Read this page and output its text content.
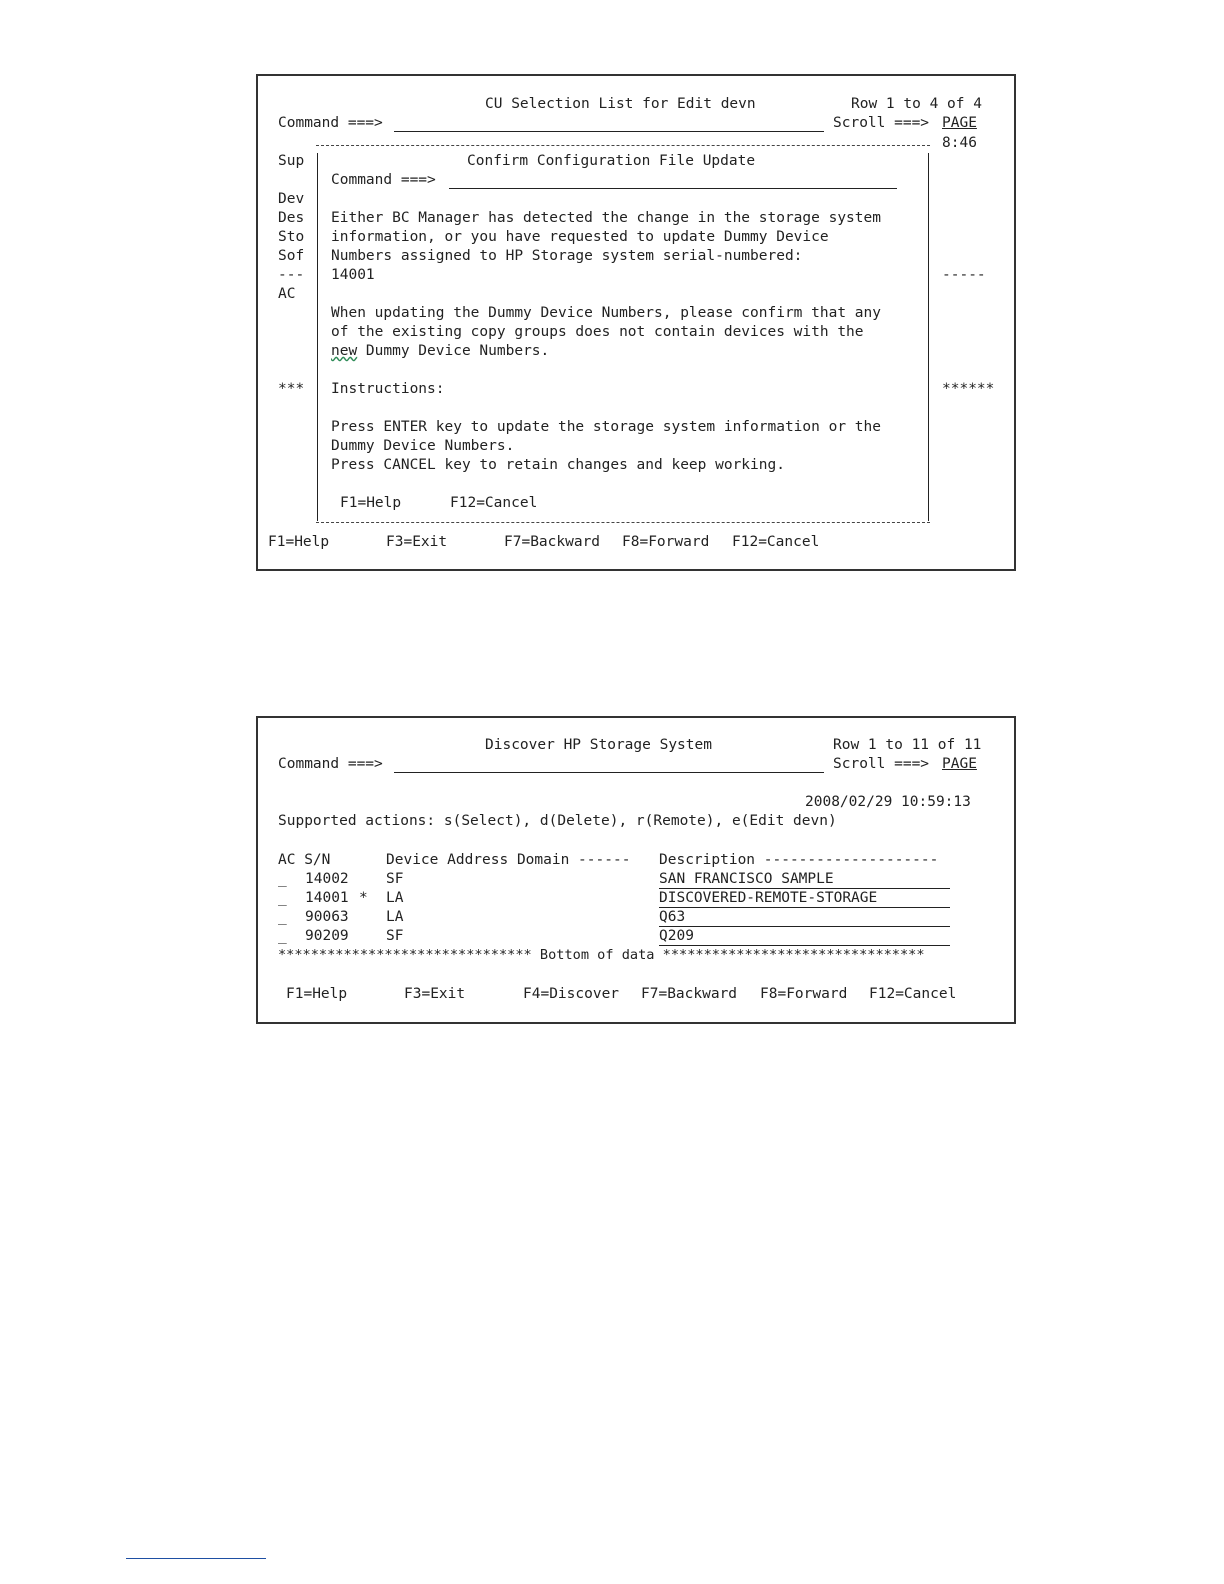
CU Selection List for Edit devn	Row 1 to 4 of 4
Command ===>	Scroll ===> PAGE
8:46
Sup
Dev
Des
Sto
Sof
---
AC
***
-----
******
Confirm Configuration File Update
Command ===>
Either BC Manager has detected the change in the storage system
information, or you have requested to update Dummy Device
Numbers assigned to HP Storage system serial-numbered:
14001
When updating the Dummy Device Numbers, please confirm that any
of the existing copy groups does not contain devices with the
new Dummy Device Numbers.
Instructions:
Press ENTER key to update the storage system information or the
Dummy Device Numbers.
Press CANCEL key to retain changes and keep working.
F1=Help	F12=Cancel
F1=Help	F3=Exit	F7=Backward F8=Forward F12=Cancel
Discover HP Storage System	Row 1 to 11 of 11
Command ===>	Scroll ===> PAGE
2008/02/29 10:59:13
Supported actions: s(Select), d(Delete), r(Remote), e(Edit devn)
AC S/N	Device Address Domain ------ Description --------------------
_ 14002	SF	SAN FRANCISCO SAMPLE
_ 14001 * LA	DISCOVERED-REMOTE-STORAGE
_ 90063	LA	Q63
_ 90209	SF	Q209
******************************* Bottom of data ********************************
F1=Help	F3=Exit	F4=Discover F7=Backward F8=Forward F12=Cancel
